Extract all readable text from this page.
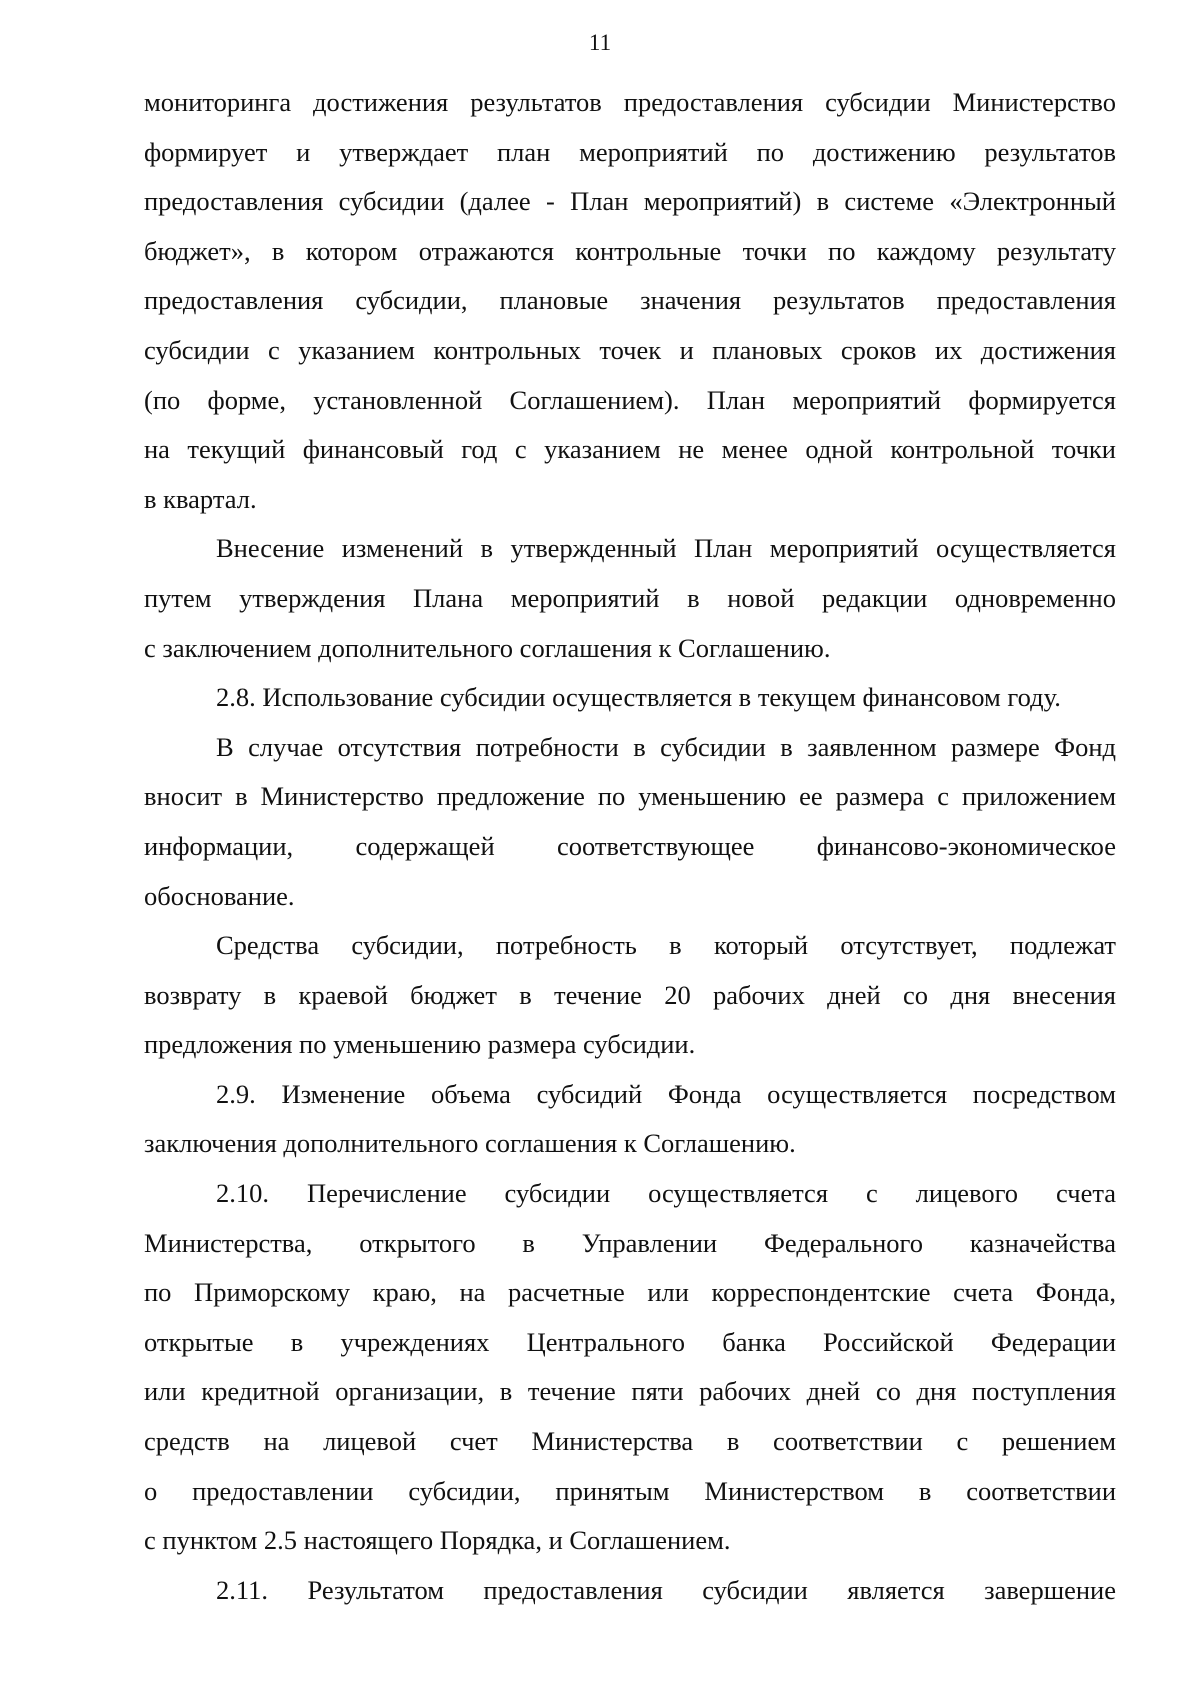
11
мониторинга достижения результатов предоставления субсидии Министерство
формирует и утверждает план мероприятий по достижению результатов
предоставления субсидии (далее - План мероприятий) в системе «Электронный
бюджет», в котором отражаются контрольные точки по каждому результату
предоставления субсидии, плановые значения результатов предоставления
субсидии с указанием контрольных точек и плановых сроков их достижения
(по форме, установленной Соглашением). План мероприятий формируется
на текущий финансовый год с указанием не менее одной контрольной точки
в квартал.
Внесение изменений в утвержденный План мероприятий осуществляется
путем утверждения Плана мероприятий в новой редакции одновременно
с заключением дополнительного соглашения к Соглашению.
2.8. Использование субсидии осуществляется в текущем финансовом году.
В случае отсутствия потребности в субсидии в заявленном размере Фонд
вносит в Министерство предложение по уменьшению ее размера с приложением
информации, содержащей соответствующее финансово-экономическое
обоснование.
Средства субсидии, потребность в который отсутствует, подлежат
возврату в краевой бюджет в течение 20 рабочих дней со дня внесения
предложения по уменьшению размера субсидии.
2.9. Изменение объема субсидий Фонда осуществляется посредством
заключения дополнительного соглашения к Соглашению.
2.10. Перечисление субсидии осуществляется с лицевого счета
Министерства, открытого в Управлении Федерального казначейства
по Приморскому краю, на расчетные или корреспондентские счета Фонда,
открытые в учреждениях Центрального банка Российской Федерации
или кредитной организации, в течение пяти рабочих дней со дня поступления
средств на лицевой счет Министерства в соответствии с решением
о предоставлении субсидии, принятым Министерством в соответствии
с пунктом 2.5 настоящего Порядка, и Соглашением.
2.11. Результатом предоставления субсидии является завершение
